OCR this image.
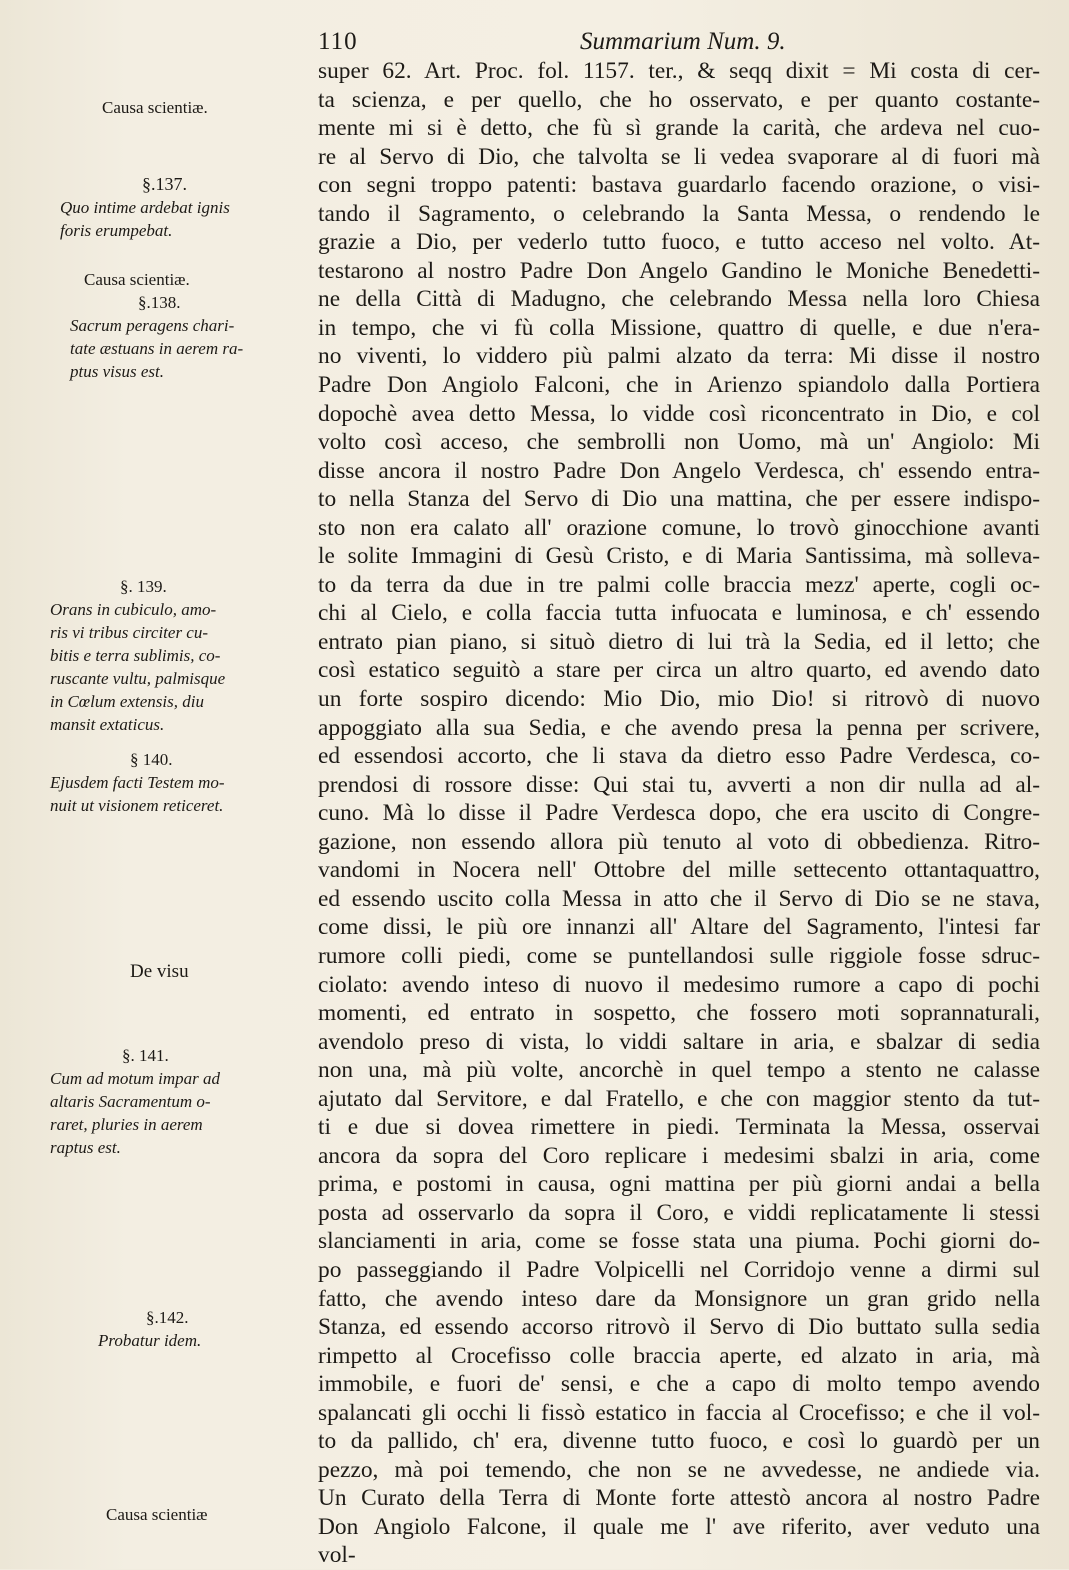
110	Summarium Num. 9.
Causa scientiæ.
§.137.
Quo intime ardebat ignis
foris erumpebat.
Causa scientiæ.
§.138.
Sacrum peragens chari-
tate æstuans in aerem ra-
ptus visus est.
§. 139.
Orans in cubiculo, amo-
ris vi tribus circiter cu-
bitis e terra sublimis, co-
ruscante vultu, palmisque
in Cœlum extensis, diu
mansit extaticus.
§ 140.
Ejusdem facti Testem mo-
nuit ut visionem reticeret.
De visu
§. 141.
Cum ad motum impar ad
altaris Sacramentum o-
raret, pluries in aerem
raptus est.
§.142.
Probatur idem.
Causa scientiæ
super 62. Art. Proc. fol. 1157. ter., & seqq dixit = Mi costa di cer-
ta scienza, e per quello, che ho osservato, e per quanto costante-
mente mi si è detto, che fù sì grande la carità, che ardeva nel cuo-
re al Servo di Dio, che talvolta se li vedea svaporare al di fuori mà
con segni troppo patenti: bastava guardarlo facendo orazione, o visi-
tando il Sagramento, o celebrando la Santa Messa, o rendendo le
grazie a Dio, per vederlo tutto fuoco, e tutto acceso nel volto. At-
testarono al nostro Padre Don Angelo Gandino le Moniche Benedetti-
ne della Città di Madugno, che celebrando Messa nella loro Chiesa
in tempo, che vi fù colla Missione, quattro di quelle, e due n'era-
no viventi, lo viddero più palmi alzato da terra: Mi disse il nostro
Padre Don Angiolo Falconi, che in Arienzo spiandolo dalla Portiera
dopochè avea detto Messa, lo vidde così riconcentrato in Dio, e col
volto così acceso, che sembrolli non Uomo, mà un' Angiolo: Mi
disse ancora il nostro Padre Don Angelo Verdesca, ch' essendo entra-
to nella Stanza del Servo di Dio una mattina, che per essere indispo-
sto non era calato all' orazione comune, lo trovò ginocchione avanti
le solite Immagini di Gesù Cristo, e di Maria Santissima, mà solleva-
to da terra da due in tre palmi colle braccia mezz' aperte, cogli oc-
chi al Cielo, e colla faccia tutta infuocata e luminosa, e ch' essendo
entrato pian piano, si situò dietro di lui trà la Sedia, ed il letto; che
così estatico seguitò a stare per circa un altro quarto, ed avendo dato
un forte sospiro dicendo: Mio Dio, mio Dio! si ritrovò di nuovo
appoggiato alla sua Sedia, e che avendo presa la penna per scrivere,
ed essendosi accorto, che li stava da dietro esso Padre Verdesca, co-
prendosi di rossore disse: Qui stai tu, avverti a non dir nulla ad al-
cuno. Mà lo disse il Padre Verdesca dopo, che era uscito di Congre-
gazione, non essendo allora più tenuto al voto di obbedienza. Ritro-
vandomi in Nocera nell' Ottobre del mille settecento ottantaquattro,
ed essendo uscito colla Messa in atto che il Servo di Dio se ne stava,
come dissi, le più ore innanzi all' Altare del Sagramento, l'intesi far
rumore colli piedi, come se puntellandosi sulle riggiole fosse sdruc-
ciolato: avendo inteso di nuovo il medesimo rumore a capo di pochi
momenti, ed entrato in sospetto, che fossero moti soprannaturali,
avendolo preso di vista, lo viddi saltare in aria, e sbalzar di sedia
non una, mà più volte, ancorchè in quel tempo a stento ne calasse
ajutato dal Servitore, e dal Fratello, e che con maggior stento da tut-
ti e due si dovea rimettere in piedi. Terminata la Messa, osservai
ancora da sopra del Coro replicare i medesimi sbalzi in aria, come
prima, e postomi in causa, ogni mattina per più giorni andai a bella
posta ad osservarlo da sopra il Coro, e viddi replicatamente li stessi
slanciamenti in aria, come se fosse stata una piuma. Pochi giorni do-
po passeggiando il Padre Volpicelli nel Corridojo venne a dirmi sul
fatto, che avendo inteso dare da Monsignore un gran grido nella
Stanza, ed essendo accorso ritrovò il Servo di Dio buttato sulla sedia
rimpetto al Crocefisso colle braccia aperte, ed alzato in aria, mà
immobile, e fuori de' sensi, e che a capo di molto tempo avendo
spalancati gli occhi li fissò estatico in faccia al Crocefisso; e che il vol-
to da pallido, ch' era, divenne tutto fuoco, e così lo guardò per un
pezzo, mà poi temendo, che non se ne avvedesse, ne andiede via.
Un Curato della Terra di Monte forte attestò ancora al nostro Padre
Don Angiolo Falcone, il quale me l' ave riferito, aver veduto una
vol-
